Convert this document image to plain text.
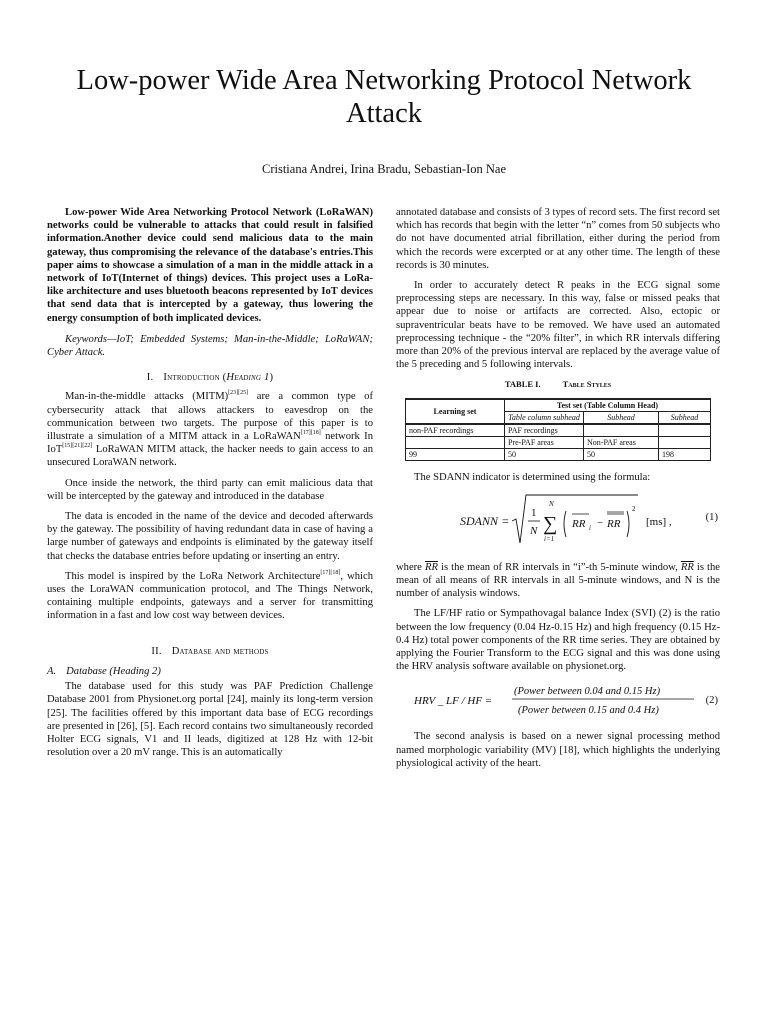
Low-power Wide Area Networking Protocol Network Attack
Cristiana Andrei, Irina Bradu, Sebastian-Ion Nae

Low-power Wide Area Networking Protocol Network (LoRaWAN) networks could be vulnerable to attacks that could result in falsified information.Another device could send malicious data to the main gateway, thus compromising the relevance of the database's entries.This paper aims to showcase a simulation of a man in the middle attack in a network of IoT(Internet of things) devices. This project uses a LoRa-like architecture and uses bluetooth beacons represented by IoT devices that send data that is intercepted by a gateway, thus lowering the energy consumption of both implicated devices.

Keywords—IoT; Embedded Systems; Man-in-the-Middle; LoRaWAN; Cyber Attack.

I. Introduction (Heading 1)

Man-in-the-middle attacks (MITM)[23][25] are a common type of cybersecurity attack that allows attackers to eavesdrop on the communication between two targets. The purpose of this paper is to illustrate a simulation of a MITM attack in a LoRaWAN[17][18] network In IoT[15][21][22] LoRaWAN MITM attack, the hacker needs to gain access to an unsecured LoraWAN network.

Once inside the network, the third party can emit malicious data that will be intercepted by the gateway and introduced in the database

The data is encoded in the name of the device and decoded afterwards by the gateway. The possibility of having redundant data in case of having a large number of gateways and endpoints is eliminated by the gateway itself that checks the database entries before updating or inserting an entry.

This model is inspired by the LoRa Network Architecture[17][18], which uses the LoraWAN communication protocol, and The Things Network, containing multiple endpoints, gateways and a server for transmitting information in a fast and low cost way between devices.

II. Database and methods

A. Database (Heading 2)

The database used for this study was PAF Prediction Challenge Database 2001 from Physionet.org portal [24], mainly its long-term version [25]. The facilities offered by this important data base of ECG recordings are presented in [26], [5]. Each record contains two simultaneously recorded Holter ECG signals, V1 and II leads, digitized at 128 Hz with 12-bit resolution over a 20 mV range. This is an automatically

annotated database and consists of 3 types of record sets. The first record set which has records that begin with the letter “n” comes from 50 subjects who do not have documented atrial fibrillation, either during the period from which the records were excerpted or at any other time. The length of these records is 30 minutes.

In order to accurately detect R peaks in the ECG signal some preprocessing steps are necessary. In this way, false or missed peaks that appear due to noise or artifacts are corrected. Also, ectopic or supraventricular beats have to be removed. We have used an automated preprocessing technique - the “20% filter”, in which RR intervals differing more than 20% of the previous interval are replaced by the average value of the 5 preceding and 5 following intervals.

TABLE I.	Table Styles
Learning set	Test set (Table Column Head)		
	Table column subhead	Subhead	Subhead
non-PAF recordings	PAF recordings		
	Pre-PAF areas	Non-PAF areas	
99	50	50	198

The SDANN indicator is determined using the formula:

SDANN =
1
N
N
∑
i=1
RR i − RR
2
[ms] ,	(1)

where $\overline{RR}$ is the mean of RR intervals in “i”-th 5-minute window, $\overline{RR}$ is the mean of all means of RR intervals in all 5-minute windows, and N is the number of analysis windows.

The LF/HF ratio or Sympathovagal balance Index (SVI) (2) is the ratio between the low frequency (0.04 Hz-0.15 Hz) and high frequency (0.15 Hz-0.4 Hz) total power components of the RR time series. They are obtained by applying the Fourier Transform to the ECG signal and this was done using the HRV analysis software available on physionet.org.

HRV _ LF / HF =
(Power between 0.04 and 0.15 Hz)
(Power between 0.15 and 0.4 Hz)
(2)

The second analysis is based on a newer signal processing method named morphologic variability (MV) [18], which highlights the underlying physiological activity of the heart.
